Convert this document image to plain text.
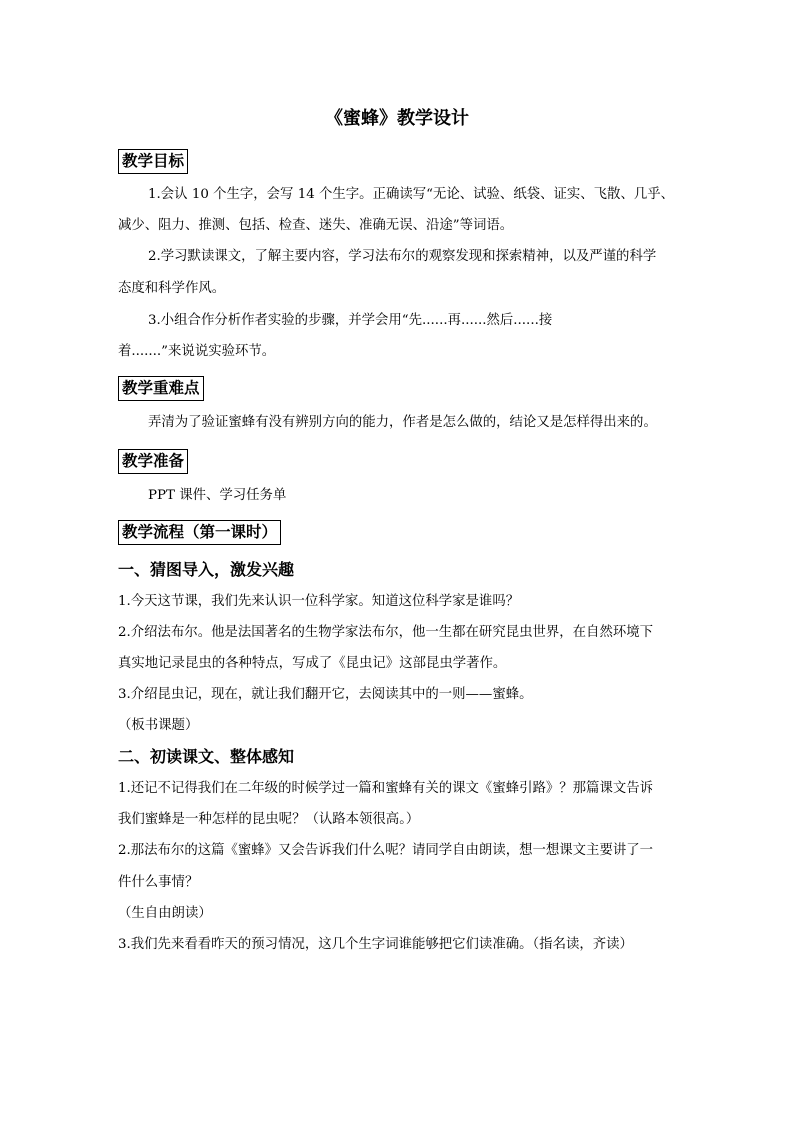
《蜜蜂》教学设计
教学目标
1.会认 10 个生字，会写 14 个生字。正确读写“无论、试验、纸袋、证实、飞散、几乎、
减少、阻力、推测、包括、检查、迷失、准确无误、沿途”等词语。
2.学习默读课文，了解主要内容，学习法布尔的观察发现和探索精神，以及严谨的科学
态度和科学作风。
3.小组合作分析作者实验的步骤，并学会用“先......再......然后......接
着.......”来说说实验环节。
教学重难点
弄清为了验证蜜蜂有没有辨别方向的能力，作者是怎么做的，结论又是怎样得出来的。
教学准备
PPT 课件、学习任务单
教学流程（第一课时）
一、猜图导入，激发兴趣
1.今天这节课，我们先来认识一位科学家。知道这位科学家是谁吗？
2.介绍法布尔。他是法国著名的生物学家法布尔，他一生都在研究昆虫世界，在自然环境下
真实地记录昆虫的各种特点，写成了《昆虫记》这部昆虫学著作。
3.介绍昆虫记，现在，就让我们翻开它，去阅读其中的一则——蜜蜂。
（板书课题）
二、初读课文、整体感知
1.还记不记得我们在二年级的时候学过一篇和蜜蜂有关的课文《蜜蜂引路》？那篇课文告诉
我们蜜蜂是一种怎样的昆虫呢？（认路本领很高。）
2.那法布尔的这篇《蜜蜂》又会告诉我们什么呢？请同学自由朗读，想一想课文主要讲了一
件什么事情？
（生自由朗读）
3.我们先来看看昨天的预习情况，这几个生字词谁能够把它们读准确。（指名读，齐读）
